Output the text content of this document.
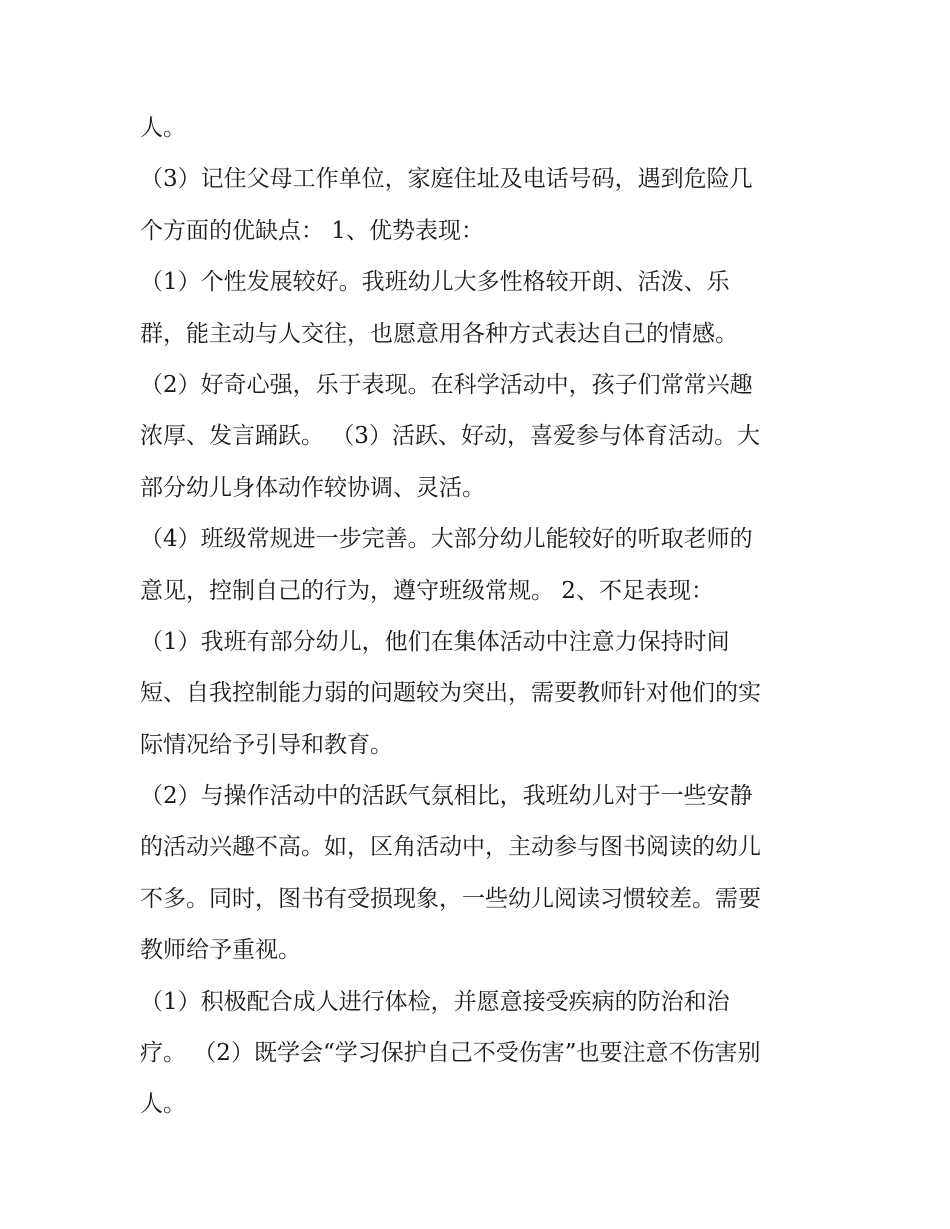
人。
（3）记住父母工作单位，家庭住址及电话号码，遇到危险几
个方面的优缺点： 1、优势表现：
（1）个性发展较好。我班幼儿大多性格较开朗、活泼、乐
群，能主动与人交往，也愿意用各种方式表达自己的情感。
（2）好奇心强，乐于表现。在科学活动中，孩子们常常兴趣
浓厚、发言踊跃。 （3）活跃、好动，喜爱参与体育活动。大
部分幼儿身体动作较协调、灵活。
（4）班级常规进一步完善。大部分幼儿能较好的听取老师的
意见，控制自己的行为，遵守班级常规。 2、不足表现：
（1）我班有部分幼儿，他们在集体活动中注意力保持时间
短、自我控制能力弱的问题较为突出，需要教师针对他们的实
际情况给予引导和教育。
（2）与操作活动中的活跃气氛相比，我班幼儿对于一些安静
的活动兴趣不高。如，区角活动中，主动参与图书阅读的幼儿
不多。同时，图书有受损现象，一些幼儿阅读习惯较差。需要
教师给予重视。
（1）积极配合成人进行体检，并愿意接受疾病的防治和治
疗。 （2）既学会“学习保护自己不受伤害”也要注意不伤害别
人。
